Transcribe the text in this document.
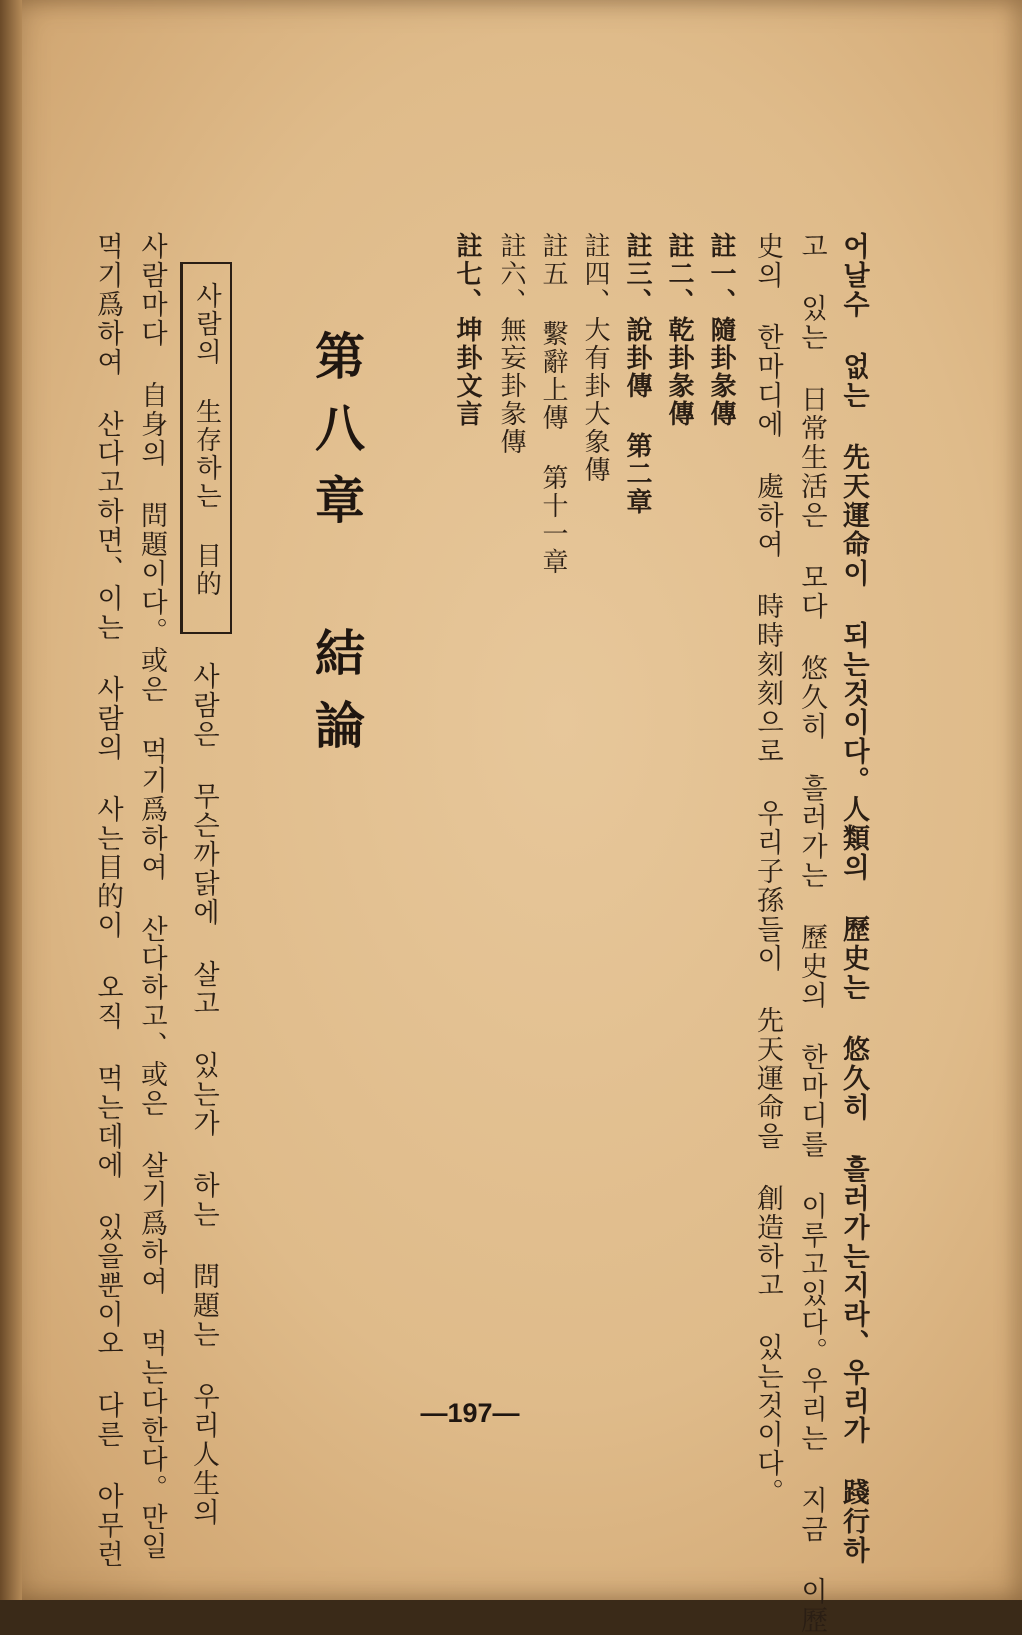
어날수 없는 先天運命이 되는것이다。人類의 歷史는 悠久히 흘러가는지라、우리가 踐行하
고 있는 日常生活은 모다 悠久히 흘러가는 歷史의 한마디를 이루고있다。우리는 지금 이歷
史의 한마디에 處하여 時時刻刻으로 우리子孫들이 先天運命을 創造하고 있는것이다。
註一、隨卦彖傳
註二、乾卦彖傳
註三、說卦傳 第二章
註四、大有卦大象傳
註五 繫辭上傳 第十一章
註六、無妄卦彖傳
註七、坤卦文言
第八章 結論
사람은 무슨까닭에 살고 있는가 하는 問題는 우리人生의
사람의 生存하는 目的
사람마다 自身의 問題이다。或은 먹기爲하여 산다하고、或은 살기爲하여 먹는다한다。만일
먹기爲하여 산다고하면、이는 사람의 사는目的이 오직 먹는데에 있을뿐이오 다른 아무런	—197—
